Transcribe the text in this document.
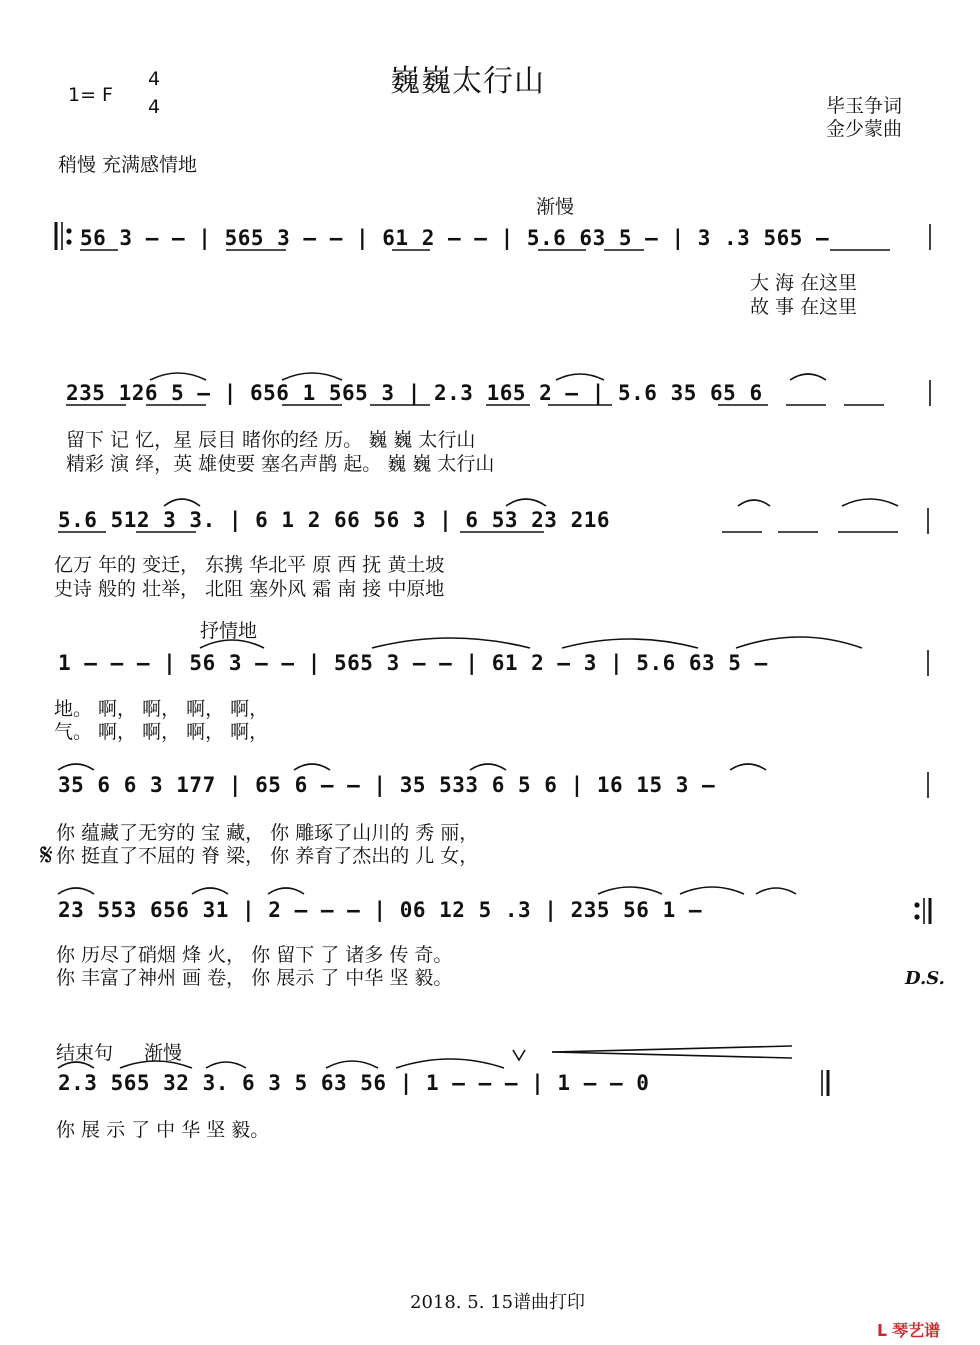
1= F
4
4
巍巍太行山
毕玉争词
金少蒙曲
稍慢 充满感情地
渐慢
抒情地
D.S.
𝄋
结束句 渐慢
56 3 – – | 565 3 – – | 61 2 – – | 5.6 63 5 – | 3 .3 565 –
大 海 在这里
故 事 在这里
235 126 5 – | 656 1 565 3 | 2.3 165 2 – | 5.6 35 65 6
留下 记 忆，星 辰目 睹你的经 历。 巍 巍 太行山
精彩 演 绎，英 雄使要 塞名声鹊 起。 巍 巍 太行山
5.6 512 3 3. | 6 1 2 66 56 3 | 6 53 23 216
亿万 年的 变迁， 东携 华北平 原 西 抚 黄土坡
史诗 般的 壮举， 北阻 塞外风 霜 南 接 中原地
1 – – – | 56 3 – – | 565 3 – – | 61 2 – 3 | 5.6 63 5 –
地。 啊， 啊， 啊， 啊，
气。 啊， 啊， 啊， 啊，
35 6 6 3 177 | 65 6 – – | 35 533 6 5 6 | 16 15 3 –
你 蕴藏了无穷的 宝 藏， 你 雕琢了山川的 秀 丽，
你 挺直了不屈的 脊 梁， 你 养育了杰出的 儿 女，
23 553 656 31 | 2 – – – | 06 12 5 .3 | 235 56 1 –
你 历尽了硝烟 烽 火， 你 留下 了 诸多 传 奇。
你 丰富了神州 画 卷， 你 展示 了 中华 坚 毅。
2.3 565 32 3. 6 3 5 63 56 | 1 – – – | 1 – – 0
你 展 示 了 中 华 坚 毅。
2018. 5. 15谱曲打印
ᒪ 琴艺谱
